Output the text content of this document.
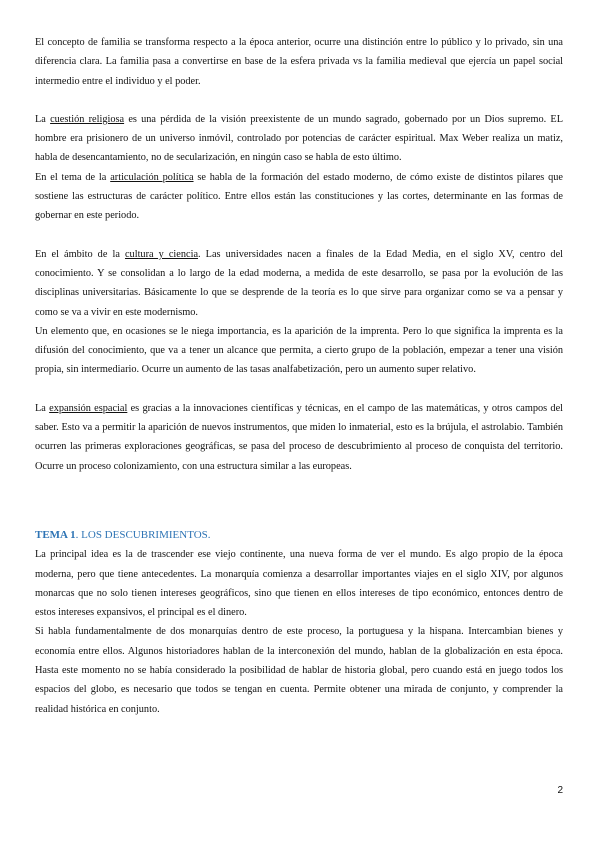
El concepto de familia se transforma respecto a la época anterior, ocurre una distinción entre lo público y lo privado, sin una diferencia clara. La familia pasa a convertirse en base de la esfera privada vs la familia medieval que ejercía un papel social intermedio entre el individuo y el poder.

La cuestión religiosa es una pérdida de la visión preexistente de un mundo sagrado, gobernado por un Dios supremo. EL hombre era prisionero de un universo inmóvil, controlado por potencias de carácter espiritual. Max Weber realiza un matiz, habla de desencantamiento, no de secularización, en ningún caso se habla de esto último.

En el tema de la articulación política se habla de la formación del estado moderno, de cómo existe de distintos pilares que sostiene las estructuras de carácter político. Entre ellos están las constituciones y las cortes, determinante en las formas de gobernar en este periodo.

En el ámbito de la cultura y ciencia. Las universidades nacen a finales de la Edad Media, en el siglo XV, centro del conocimiento. Y se consolidan a lo largo de la edad moderna, a medida de este desarrollo, se pasa por la evolución de las disciplinas universitarias. Básicamente lo que se desprende de la teoría es lo que sirve para organizar como se va a pensar y como se va a vivir en este modernismo.

Un elemento que, en ocasiones se le niega importancia, es la aparición de la imprenta. Pero lo que significa la imprenta es la difusión del conocimiento, que va a tener un alcance que permita, a cierto grupo de la población, empezar a tener una visión propia, sin intermediario. Ocurre un aumento de las tasas analfabetización, pero un aumento super relativo.

La expansión espacial es gracias a la innovaciones científicas y técnicas, en el campo de las matemáticas, y otros campos del saber. Esto va a permitir la aparición de nuevos instrumentos, que miden lo inmaterial, esto es la brújula, el astrolabio. También ocurren las primeras exploraciones geográficas, se pasa del proceso de descubrimiento al proceso de conquista del territorio. Ocurre un proceso colonizamiento, con una estructura similar a las europeas.

TEMA 1. LOS DESCUBRIMIENTOS.

La principal idea es la de trascender ese viejo continente, una nueva forma de ver el mundo. Es algo propio de la época moderna, pero que tiene antecedentes. La monarquía comienza a desarrollar importantes viajes en el siglo XIV, por algunos monarcas que no solo tienen intereses geográficos, sino que tienen en ellos intereses de tipo económico, entonces dentro de estos intereses expansivos, el principal es el dinero.

Si habla fundamentalmente de dos monarquías dentro de este proceso, la portuguesa y la hispana. Intercambian bienes y economía entre ellos. Algunos historiadores hablan de la interconexión del mundo, hablan de la globalización en esta época. Hasta este momento no se había considerado la posibilidad de hablar de historia global, pero cuando está en juego todos los espacios del globo, es necesario que todos se tengan en cuenta. Permite obtener una mirada de conjunto, y comprender la realidad histórica en conjunto.

2
